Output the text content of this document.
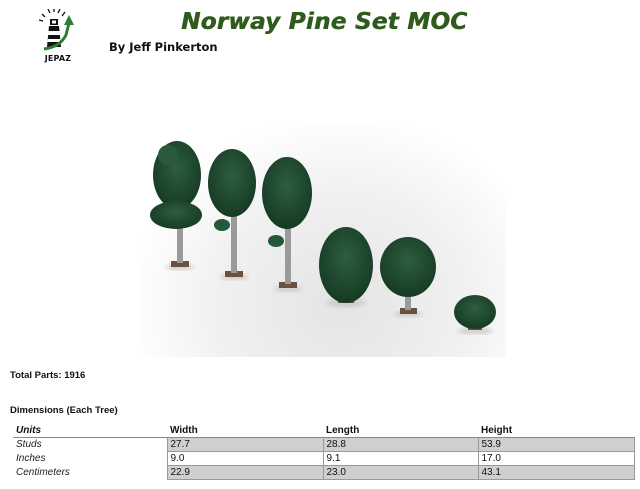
JEPAZ
Norway Pine Set MOC

By Jeff Pinkerton

Total Parts: 1916

Dimensions (Each Tree)

Units	Width	Length	Height
Studs	27.7	28.8	53.9
Inches	9.0	9.1	17.0
Centimeters	22.9	23.0	43.1
